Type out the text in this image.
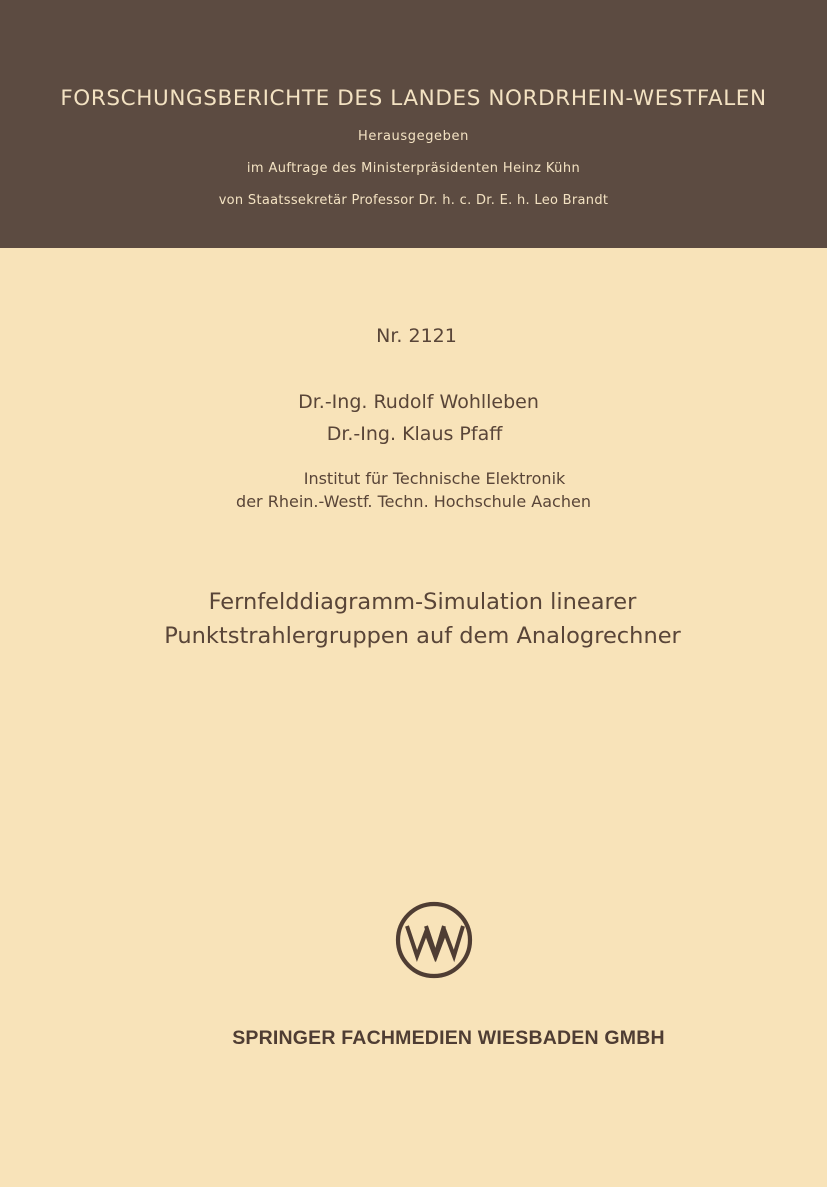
FORSCHUNGSBERICHTE DES LANDES NORDRHEIN-WESTFALEN
Herausgegeben
im Auftrage des Ministerpräsidenten Heinz Kühn
von Staatssekretär Professor Dr. h. c. Dr. E. h. Leo Brandt
Nr. 2121
Dr.-Ing. Rudolf Wohlleben
Dr.-Ing. Klaus Pfaff
Institut für Technische Elektronik
der Rhein.-Westf. Techn. Hochschule Aachen
Fernfelddiagramm-Simulation linearer
Punktstrahlergruppen auf dem Analogrechner
SPRINGER FACHMEDIEN WIESBADEN GMBH
